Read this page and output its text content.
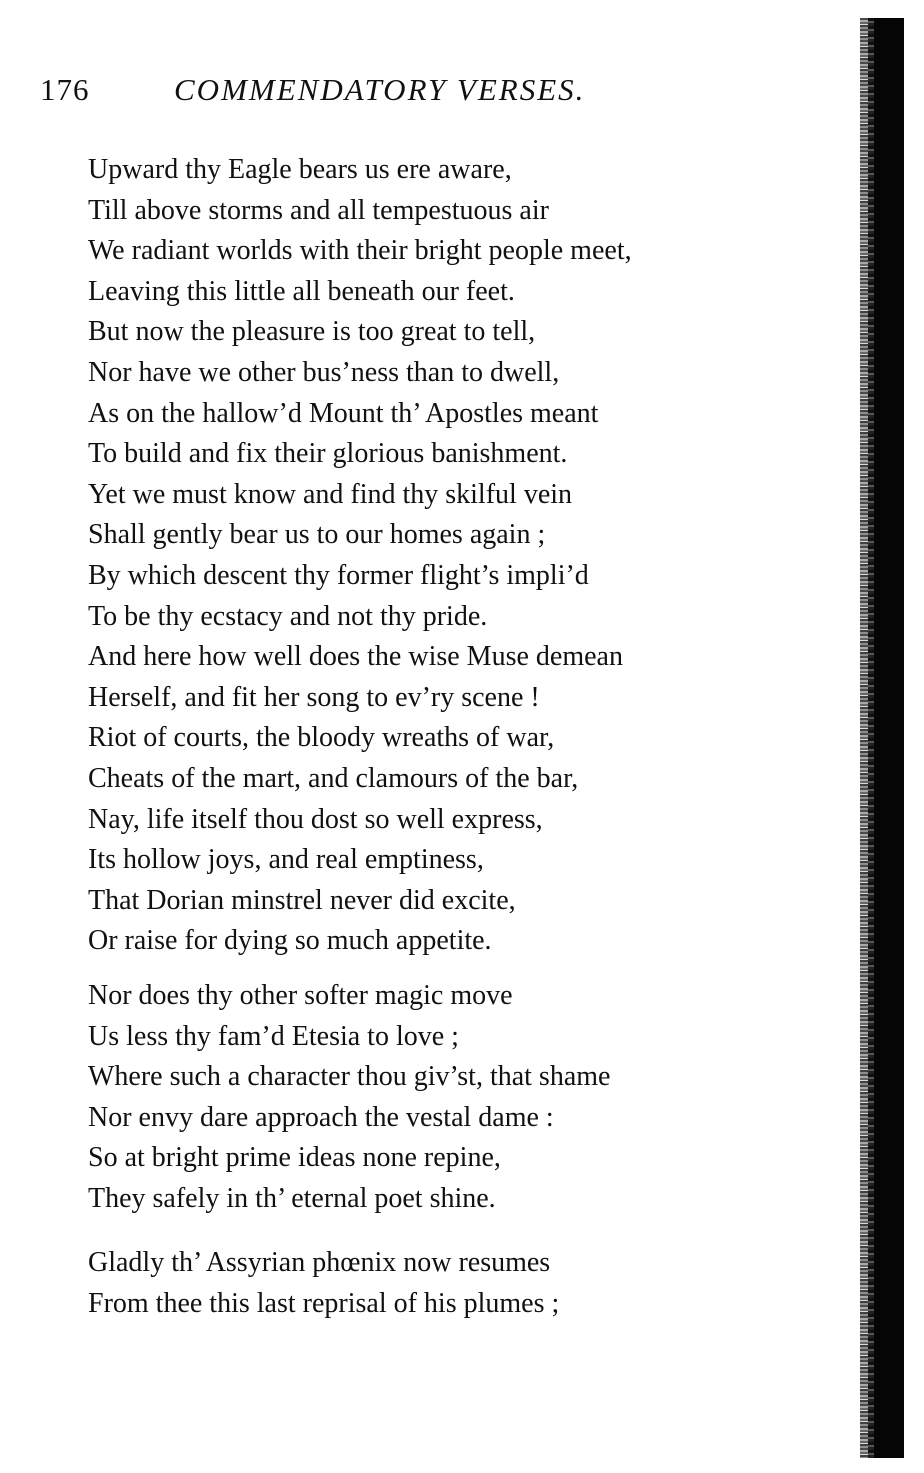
176	COMMENDATORY VERSES.
Upward thy Eagle bears us ere aware,
Till above storms and all tempestuous air
We radiant worlds with their bright people meet,
Leaving this little all beneath our feet.
But now the pleasure is too great to tell,
Nor have we other bus’ness than to dwell,
As on the hallow’d Mount th’ Apostles meant
To build and fix their glorious banishment.
Yet we must know and find thy skilful vein
Shall gently bear us to our homes again ;
By which descent thy former flight’s impli’d
To be thy ecstacy and not thy pride.
And here how well does the wise Muse demean
Herself, and fit her song to ev’ry scene !
Riot of courts, the bloody wreaths of war,
Cheats of the mart, and clamours of the bar,
Nay, life itself thou dost so well express,
Its hollow joys, and real emptiness,
That Dorian minstrel never did excite,
Or raise for dying so much appetite.
Nor does thy other softer magic move
Us less thy fam’d Etesia to love ;
Where such a character thou giv’st, that shame
Nor envy dare approach the vestal dame :
So at bright prime ideas none repine,
They safely in th’ eternal poet shine.
Gladly th’ Assyrian phœnix now resumes
From thee this last reprisal of his plumes ;
